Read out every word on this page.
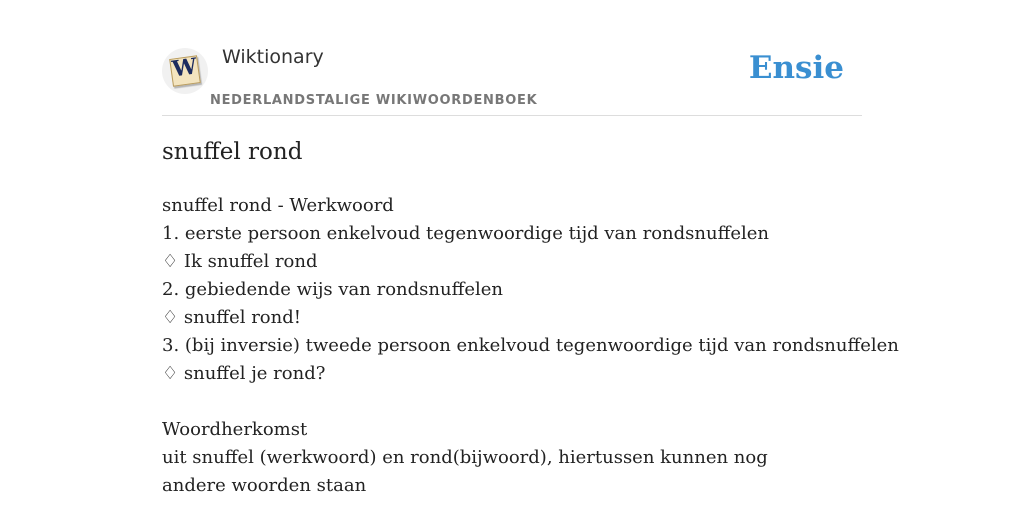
W Wiktionary
NEDERLANDSTALIGE WIKIWOORDENBOEK
Ensie
snuffel rond
snuffel rond - Werkwoord
1. eerste persoon enkelvoud tegenwoordige tijd van rondsnuffelen
♢ Ik snuffel rond
2. gebiedende wijs van rondsnuffelen
♢ snuffel rond!
3. (bij inversie) tweede persoon enkelvoud tegenwoordige tijd van rondsnuffelen
♢ snuffel je rond?
Woordherkomst
uit snuffel (werkwoord) en rond(bijwoord), hiertussen kunnen nog andere woorden staan
